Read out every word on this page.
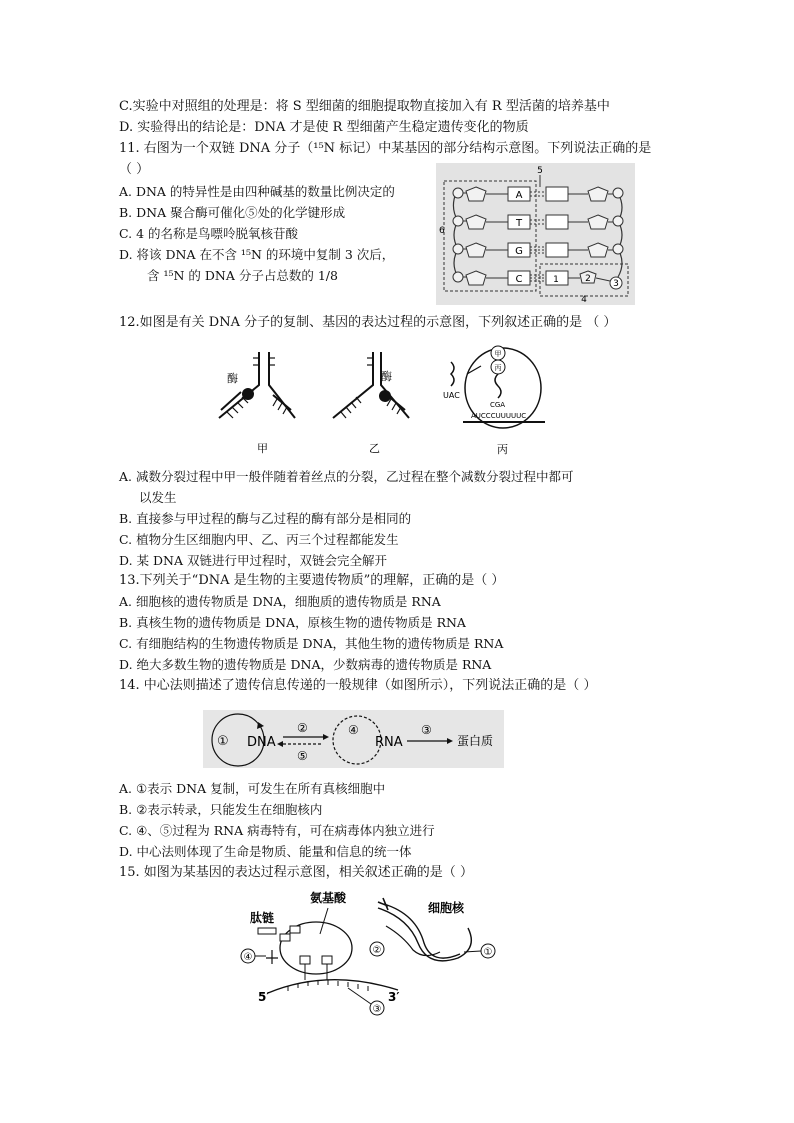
C.实验中对照组的处理是：将 S 型细菌的细胞提取物直接加入有 R 型活菌的培养基中
D. 实验得出的结论是：DNA 才是使 R 型细菌产生稳定遗传变化的物质
11. 右图为一个双链 DNA 分子（¹⁵N 标记）中某基因的部分结构示意图。下列说法正确的是
（ ）
A. DNA 的特异性是由四种碱基的数量比例决定的
B. DNA 聚合酶可催化⑤处的化学键形成
C. 4 的名称是鸟嘌呤脱氧核苷酸
D. 将该 DNA 在不含 ¹⁵N 的环境中复制 3 次后，
含 ¹⁵N 的 DNA 分子占总数的 1/8
A
T
G
C	1	2 3
4
5
6
12.如图是有关 DNA 分子的复制、基因的表达过程的示意图，下列叙述正确的是 （ ）
酶
甲
酶
乙
甲
丙
UAC
CGA
AUCCCUUUUUC
丙
A. 减数分裂过程中甲一般伴随着着丝点的分裂，乙过程在整个减数分裂过程中都可
以发生
B. 直接参与甲过程的酶与乙过程的酶有部分是相同的
C. 植物分生区细胞内甲、乙、丙三个过程都能发生
D. 某 DNA 双链进行甲过程时，双链会完全解开
13.下列关于“DNA 是生物的主要遗传物质”的理解，正确的是（ ）
A. 细胞核的遗传物质是 DNA，细胞质的遗传物质是 RNA
B. 真核生物的遗传物质是 DNA，原核生物的遗传物质是 RNA
C. 有细胞结构的生物遗传物质是 DNA，其他生物的遗传物质是 RNA
D. 绝大多数生物的遗传物质是 DNA，少数病毒的遗传物质是 RNA
14. 中心法则描述了遗传信息传递的一般规律（如图所示），下列说法正确的是（ ）
① DNA
②
⑤
④
RNA
③
蛋白质
A. ①表示 DNA 复制，可发生在所有真核细胞中
B. ②表示转录，只能发生在细胞核内
C. ④、⑤过程为 RNA 病毒特有，可在病毒体内独立进行
D. 中心法则体现了生命是物质、能量和信息的统一体
15. 如图为某基因的表达过程示意图，相关叙述正确的是（ ）
肽链
氨基酸
细胞核
①
②
④
③
5′	3′
